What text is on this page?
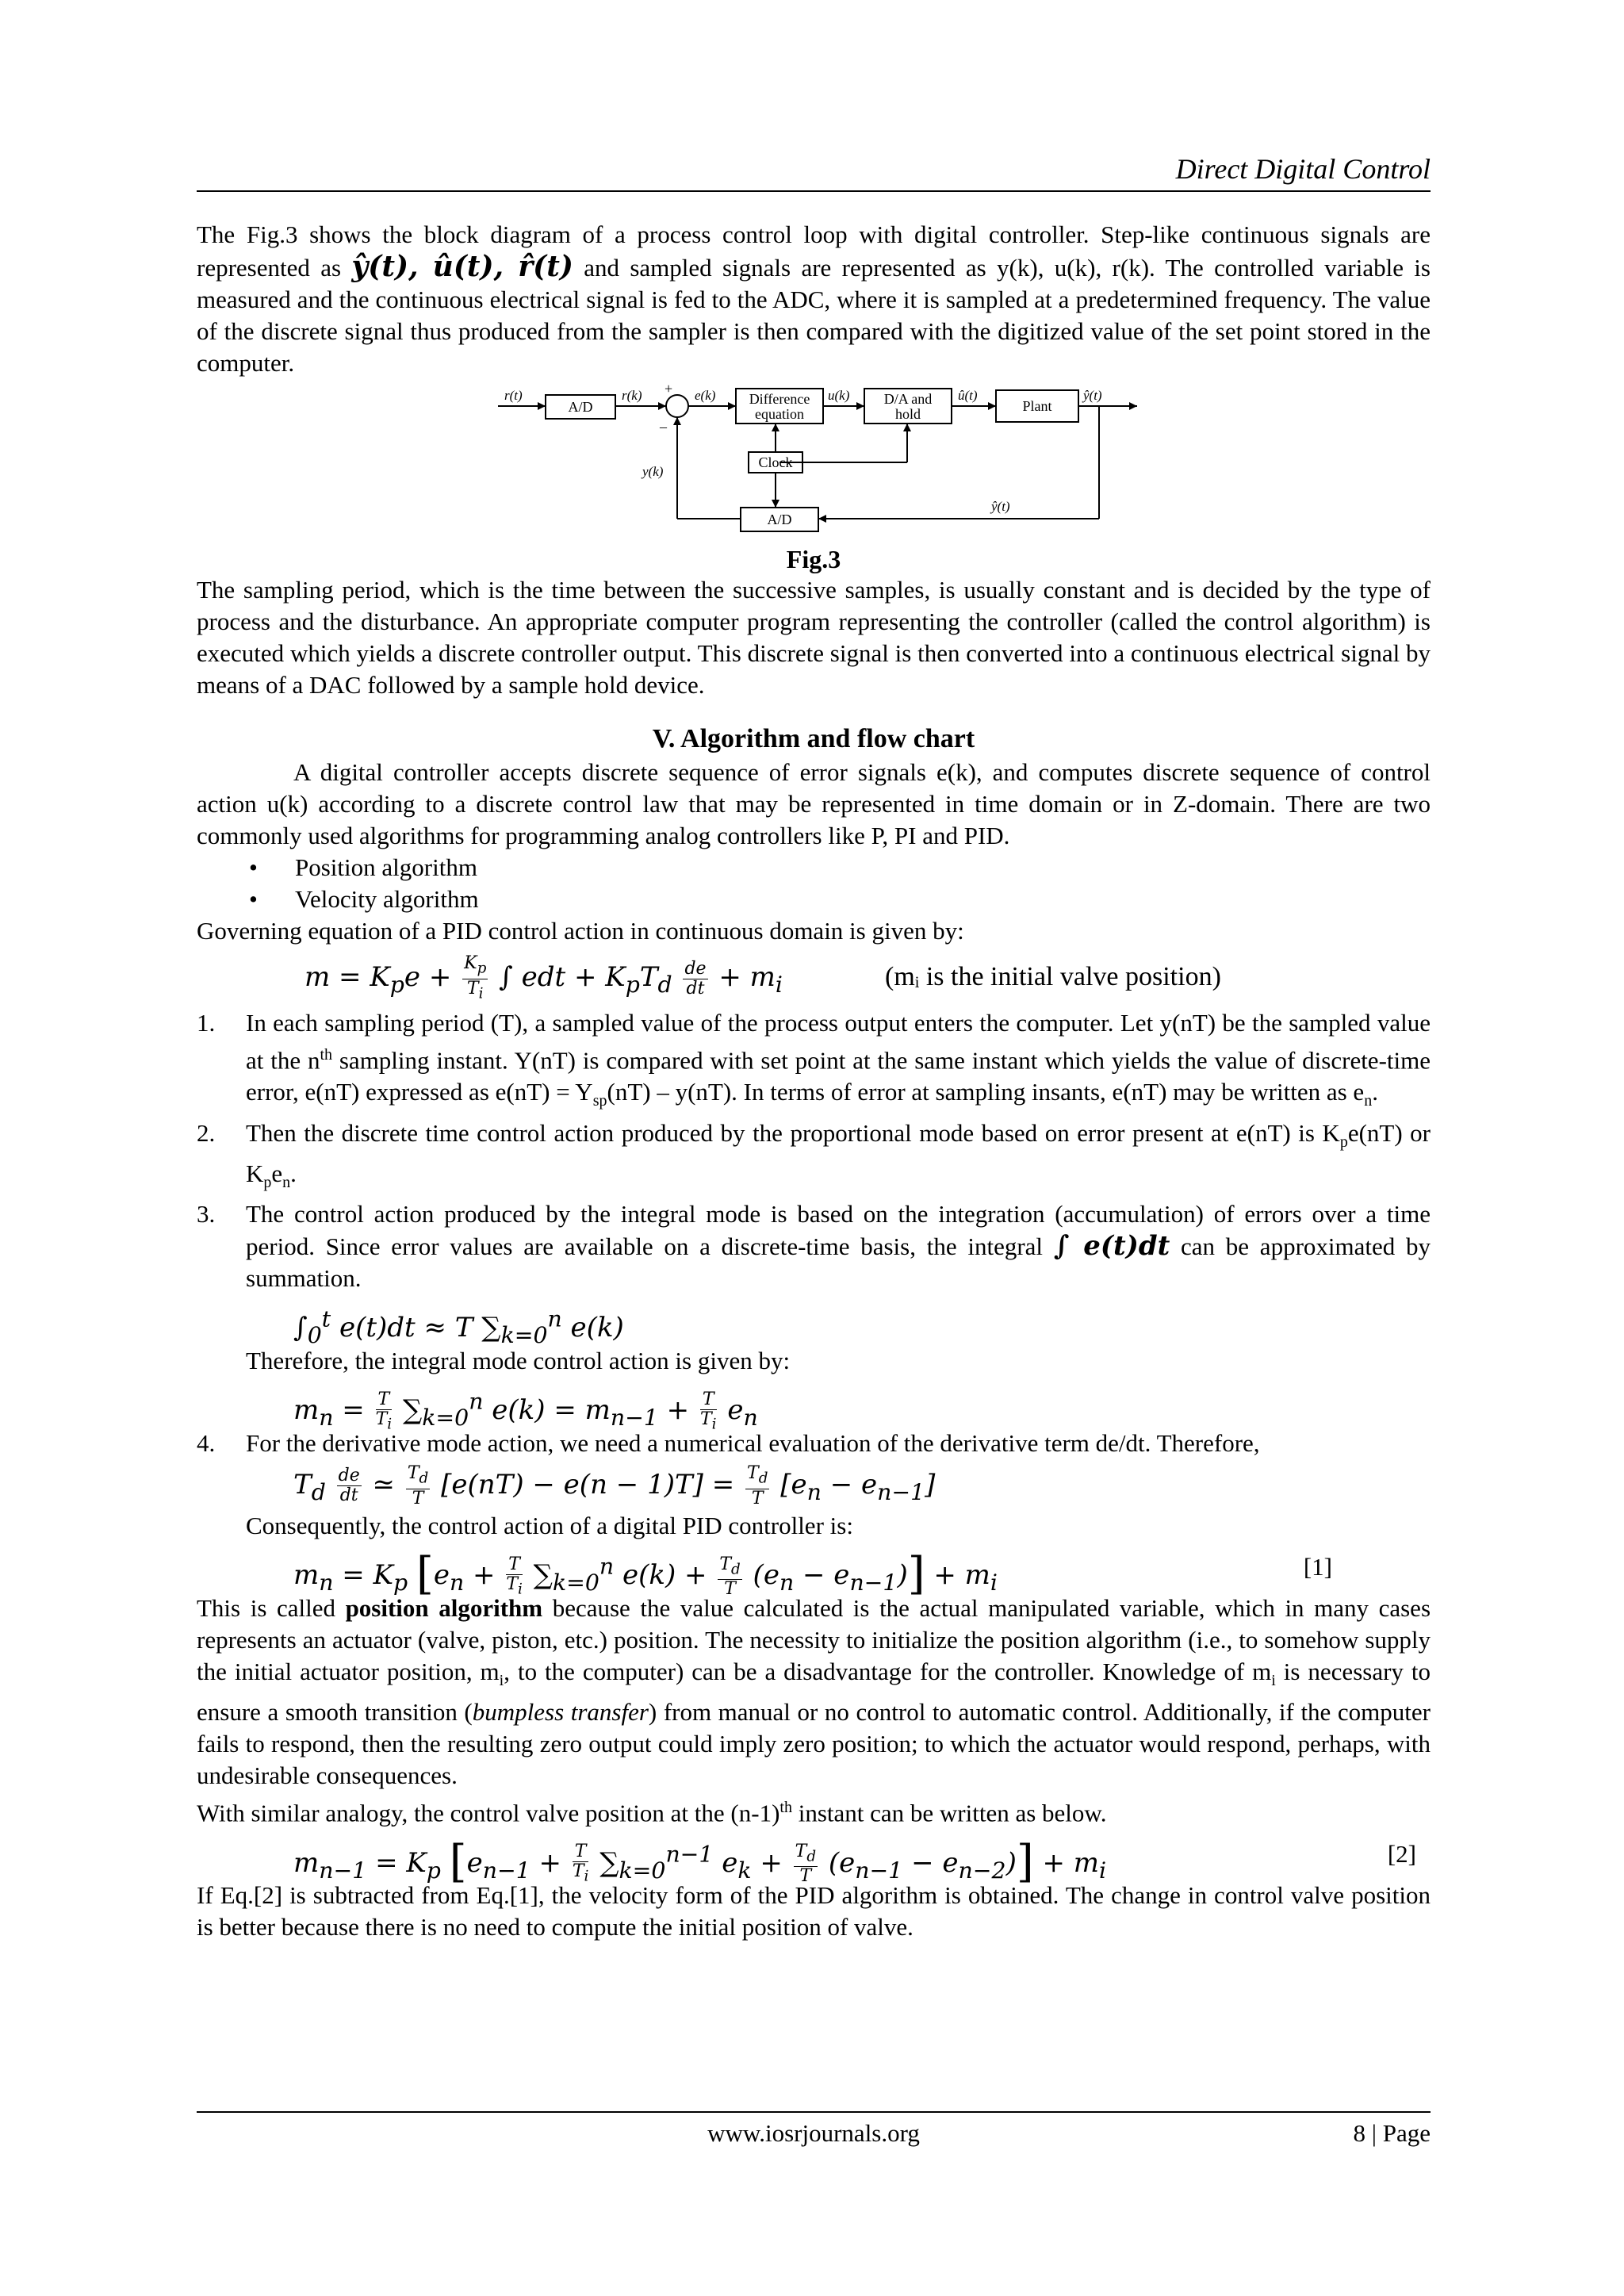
Direct Digital Control

The Fig.3 shows the block diagram of a process control loop with digital controller. Step-like continuous signals are represented as ŷ(t), û(t), r̂(t) and sampled signals are represented as y(k), u(k), r(k). The controlled variable is measured and the continuous electrical signal is fed to the ADC, where it is sampled at a predetermined frequency. The value of the discrete signal thus produced from the sampler is then compared with the digitized value of the set point stored in the computer.

r(t)	r(k)	e(k)	u(k)	û(t)	ŷ(t)
y(k)
ŷ(t)
+
–
A/D	Difference
equation
D/A and
hold	Plant
Clock
A/D
Fig.3

The sampling period, which is the time between the successive samples, is usually constant and is decided by the type of process and the disturbance. An appropriate computer program representing the controller (called the control algorithm) is executed which yields a discrete controller output. This discrete signal is then converted into a continuous electrical signal by means of a DAC followed by a sample hold device.

V. Algorithm and flow chart

A digital controller accepts discrete sequence of error signals e(k), and computes discrete sequence of control action u(k) according to a discrete control law that may be represented in time domain or in Z-domain. There are two commonly used algorithms for programming analog controllers like P, PI and PID.

• Position algorithm
• Velocity algorithm

Governing equation of a PID control action in continuous domain is given by:

$m = K_pe + \frac{K_p}{T_i}$ ∫ edt + $K_pT_d \frac{de}{dt} + m_i$	(mᵢ is the initial valve position)
1. In each sampling period (T), a sampled value of the process output enters the computer. Let y(nT) be the sampled value at the $n^{th}$ sampling instant. Y(nT) is compared with set point at the same instant which yields the value of discrete-time error, e(nT) expressed as $e(nT) = Y_{sp}(nT) - y(nT)$. In terms of error at sampling insants, e(nT) may be written as $e_n$.

2. Then the discrete time control action produced by the proportional mode based on error present at e(nT) is $K_pe(nT)$ or $K_pe_n$.

3. The control action produced by the integral mode is based on the integration (accumulation) of errors over a time period. Since error values are available on a discrete-time basis, the integral ∫ e(t)dt can be approximated by summation.

$\int_0^t$ e(t)dt ≈ T $\sum_{k=0}^n$ e(k)

Therefore, the integral mode control action is given by:

$m_n = \frac{T}{T_i} \sum_{k=0}^n$ $e(k) = m_{n-1} + \frac{T}{T_i} e_n$
4. For the derivative mode action, we need a numerical evaluation of the derivative term de/dt. Therefore,

$T_d \frac{de}{dt}$ ≃ $\frac{T_d}{T} [e(nT) - e(n - 1)T] = \frac{T_d}{T} [e_n - e_{n-1}]$

Consequently, the control action of a digital PID controller is:

$m_n = K_p$ [$e_n + \frac{T}{T_i} \sum_{k=0}^n$ $e(k) + \frac{T_d}{T} (e_n - e_{n-1})] + m_i$
[1]

This is called position algorithm because the value calculated is the actual manipulated variable, which in many cases represents an actuator (valve, piston, etc.) position. The necessity to initialize the position algorithm (i.e., to somehow supply the initial actuator position, $m_i$, to the computer) can be a disadvantage for the controller. Knowledge of $m_i$ is necessary to ensure a smooth transition (bumpless transfer) from manual or no control to automatic control. Additionally, if the computer fails to respond, then the resulting zero output could imply zero position; to which the actuator would respond, perhaps, with undesirable consequences.

With similar analogy, the control valve position at the $(n-1)^{th}$ instant can be written as below.

$m_{n-1} = K_p$ [$e_{n-1} + \frac{T}{T_i} \sum_{k=0}^{n-1}$ $e_k + \frac{T_d}{T} (e_{n-1} - e_{n-2})] + m_i$
[2]

If Eq.[2] is subtracted from Eq.[1], the velocity form of the PID algorithm is obtained. The change in control valve position is better because there is no need to compute the initial position of valve.

www.iosrjournals.org	8 | Page
